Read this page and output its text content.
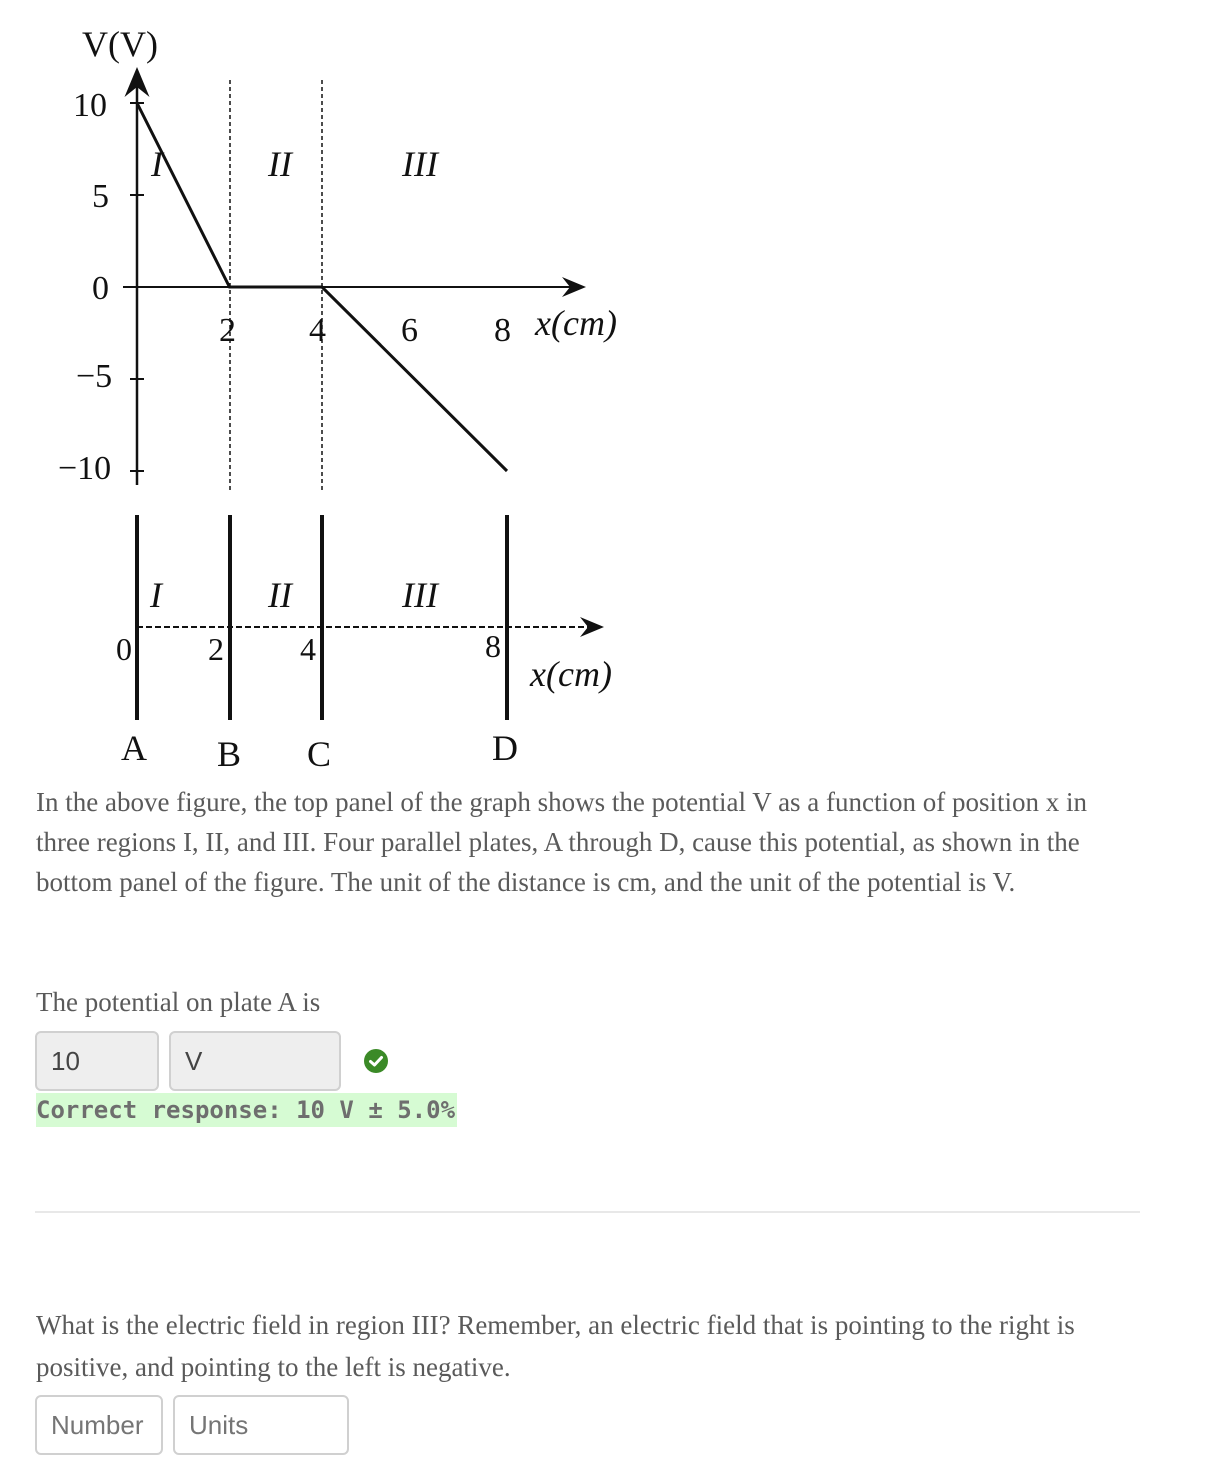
V(V)
10
5
0
−5
−10
2 4 6 8 x(cm)
I	II	III
I	II	III
0 2 4	8
x(cm)
A B C	D
In the above figure, the top panel of the graph shows the potential V as a function of position x in three regions I, II, and III. Four parallel plates, A through D, cause this potential, as shown in the bottom panel of the figure. The unit of the distance is cm, and the unit of the potential is V.
The potential on plate A is
10	V
Correct response: 10 V ± 5.0%
What is the electric field in region III? Remember, an electric field that is pointing to the right is positive, and pointing to the left is negative.
Number
Units
